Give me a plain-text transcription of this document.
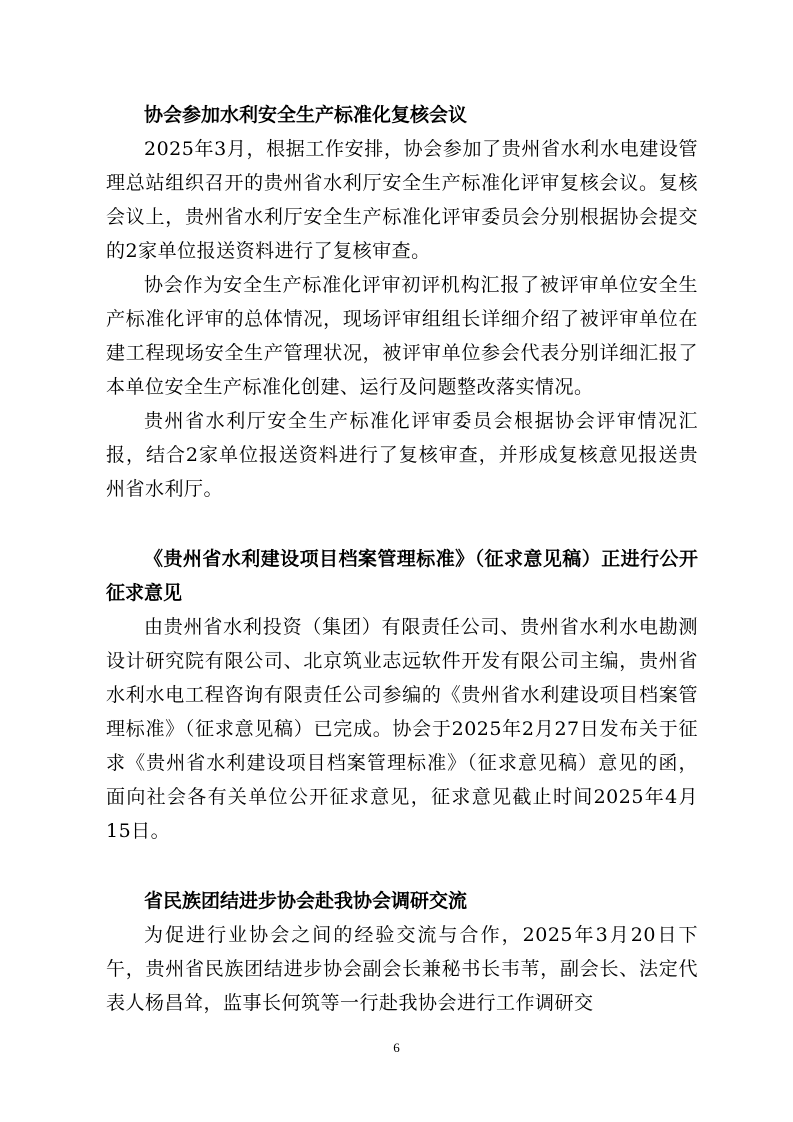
协会参加水利安全生产标准化复核会议

2025年3月，根据工作安排，协会参加了贵州省水利水电建设管理总站组织召开的贵州省水利厅安全生产标准化评审复核会议。复核会议上，贵州省水利厅安全生产标准化评审委员会分别根据协会提交的2家单位报送资料进行了复核审查。

协会作为安全生产标准化评审初评机构汇报了被评审单位安全生产标准化评审的总体情况，现场评审组组长详细介绍了被评审单位在建工程现场安全生产管理状况，被评审单位参会代表分别详细汇报了本单位安全生产标准化创建、运行及问题整改落实情况。

贵州省水利厅安全生产标准化评审委员会根据协会评审情况汇报，结合2家单位报送资料进行了复核审查，并形成复核意见报送贵州省水利厅。

《贵州省水利建设项目档案管理标准》（征求意见稿）正进行公开征求意见

由贵州省水利投资（集团）有限责任公司、贵州省水利水电勘测设计研究院有限公司、北京筑业志远软件开发有限公司主编，贵州省水利水电工程咨询有限责任公司参编的《贵州省水利建设项目档案管理标准》（征求意见稿）已完成。协会于2025年2月27日发布关于征求《贵州省水利建设项目档案管理标准》（征求意见稿）意见的函，面向社会各有关单位公开征求意见，征求意见截止时间2025年4月15日。

省民族团结进步协会赴我协会调研交流

为促进行业协会之间的经验交流与合作，2025年3月20日下午，贵州省民族团结进步协会副会长兼秘书长韦苇，副会长、法定代表人杨昌耸，监事长何筑等一行赴我协会进行工作调研交

6
